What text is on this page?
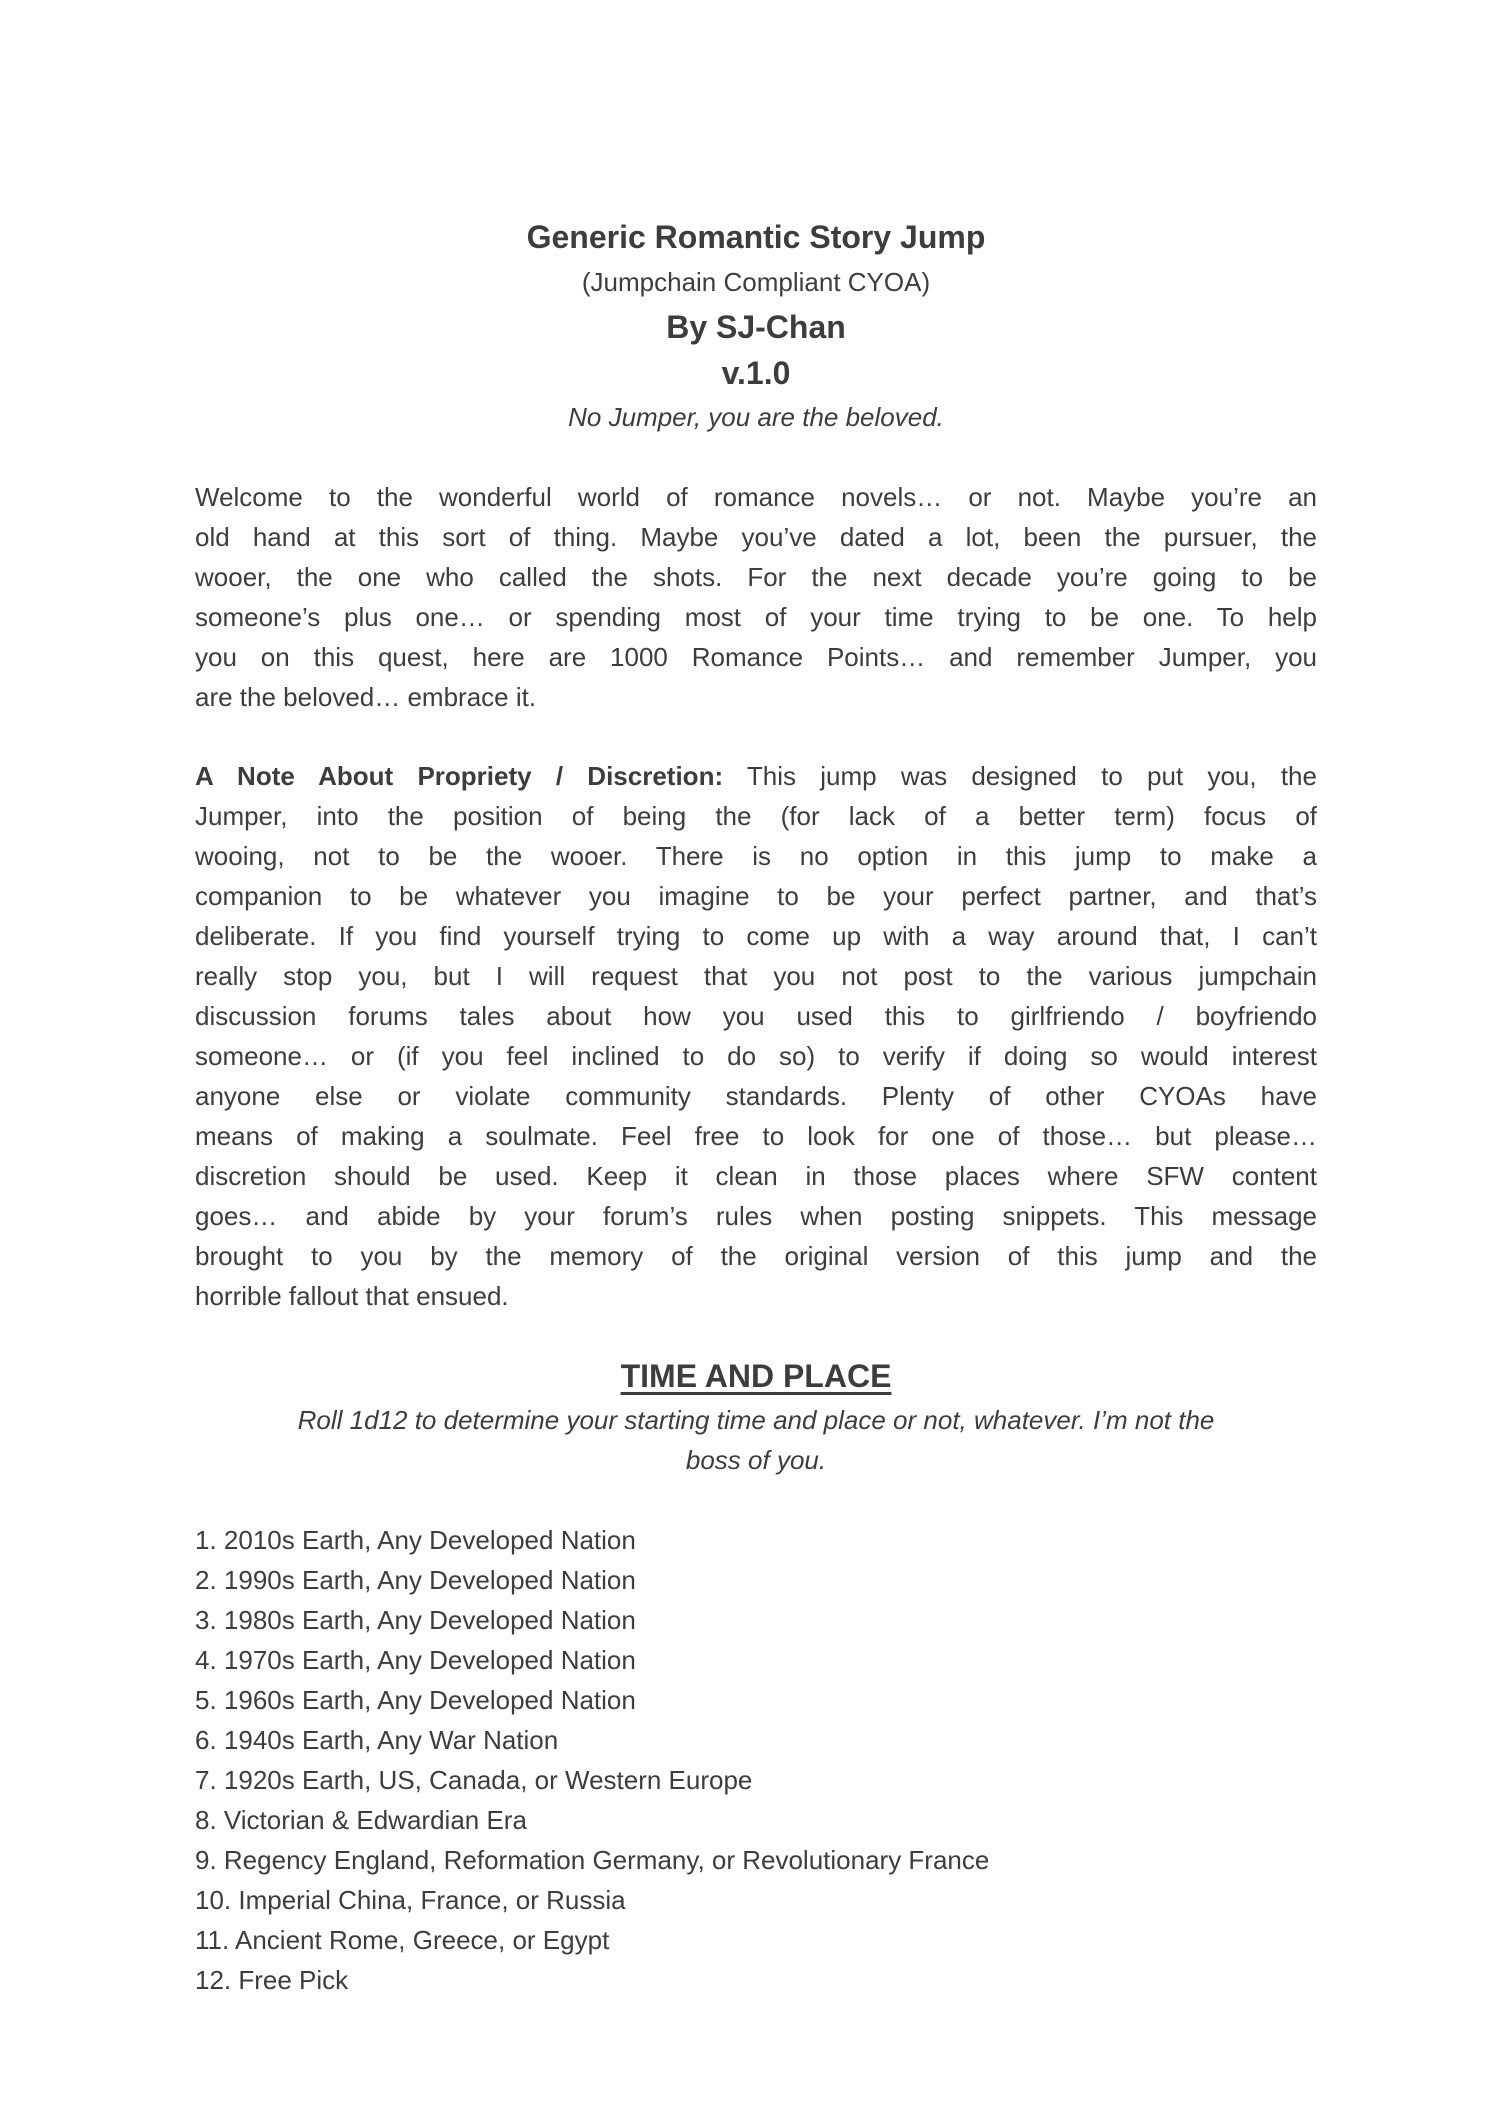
Generic Romantic Story Jump
(Jumpchain Compliant CYOA)
By SJ-Chan
v.1.0
No Jumper, you are the beloved.
Welcome to the wonderful world of romance novels… or not. Maybe you’re an
old hand at this sort of thing. Maybe you’ve dated a lot, been the pursuer, the
wooer, the one who called the shots. For the next decade you’re going to be
someone’s plus one… or spending most of your time trying to be one. To help
you on this quest, here are 1000 Romance Points… and remember Jumper, you
are the beloved… embrace it.
A Note About Propriety / Discretion: This jump was designed to put you, the
Jumper, into the position of being the (for lack of a better term) focus of
wooing, not to be the wooer. There is no option in this jump to make a
companion to be whatever you imagine to be your perfect partner, and that’s
deliberate. If you find yourself trying to come up with a way around that, I can’t
really stop you, but I will request that you not post to the various jumpchain
discussion forums tales about how you used this to girlfriendo / boyfriendo
someone… or (if you feel inclined to do so) to verify if doing so would interest
anyone else or violate community standards. Plenty of other CYOAs have
means of making a soulmate. Feel free to look for one of those… but please…
discretion should be used. Keep it clean in those places where SFW content
goes… and abide by your forum’s rules when posting snippets. This message
brought to you by the memory of the original version of this jump and the
horrible fallout that ensued.
TIME AND PLACE
Roll 1d12 to determine your starting time and place or not, whatever. I’m not the
boss of you.
1. 2010s Earth, Any Developed Nation
2. 1990s Earth, Any Developed Nation
3. 1980s Earth, Any Developed Nation
4. 1970s Earth, Any Developed Nation
5. 1960s Earth, Any Developed Nation
6. 1940s Earth, Any War Nation
7. 1920s Earth, US, Canada, or Western Europe
8. Victorian & Edwardian Era
9. Regency England, Reformation Germany, or Revolutionary France
10. Imperial China, France, or Russia
11. Ancient Rome, Greece, or Egypt
12. Free Pick
